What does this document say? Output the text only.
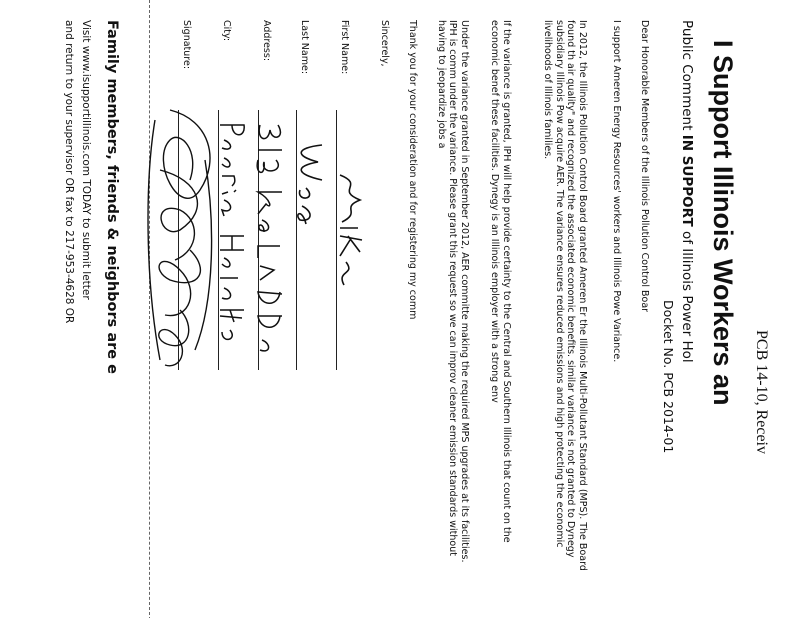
PCB 14-10, Receiv
I Support Illinois Workers an
Public Comment IN SUPPORT of Illinois Power Hol
Docket No. PCB 2014-01
Dear Honorable Members of the Illinois Pollution Control Boar
I support Ameren Energy Resources' workers and Illinois Powe Variance.
In 2012, the Illinois Pollution Control Board granted Ameren Er the Illinois Multi-Pollutant Standard (MPS). The Board found th air quality" and recognized the associated economic benefits. similar variance is not granted to Dynegy subsidiary Illinois Pow acquire AER. The variance ensures reduced emissions and high protecting the economic livelihoods of Illinois families.
If the variance is granted, IPH will help provide certainty to the Central and Southern Illinois that count on the economic benef these facilities. Dynegy is an Illinois employer with a strong env
Under the variance granted in September 2012, AER committe making the required MPS upgrades at its facilities. IPH is comm under the variance. Please grant this request so we can improv cleaner emission standards without having to jeopardize jobs a
Thank you for your consideration and for registering my comm
Sincerely,
First Name:
Last Name:
Address:
City:
Signature:
Family members, friends & neighbors are e
Visit www.isupportillinois.com TODAY to submit letter
and return to your supervisor OR fax to 217-953-4628 OR
